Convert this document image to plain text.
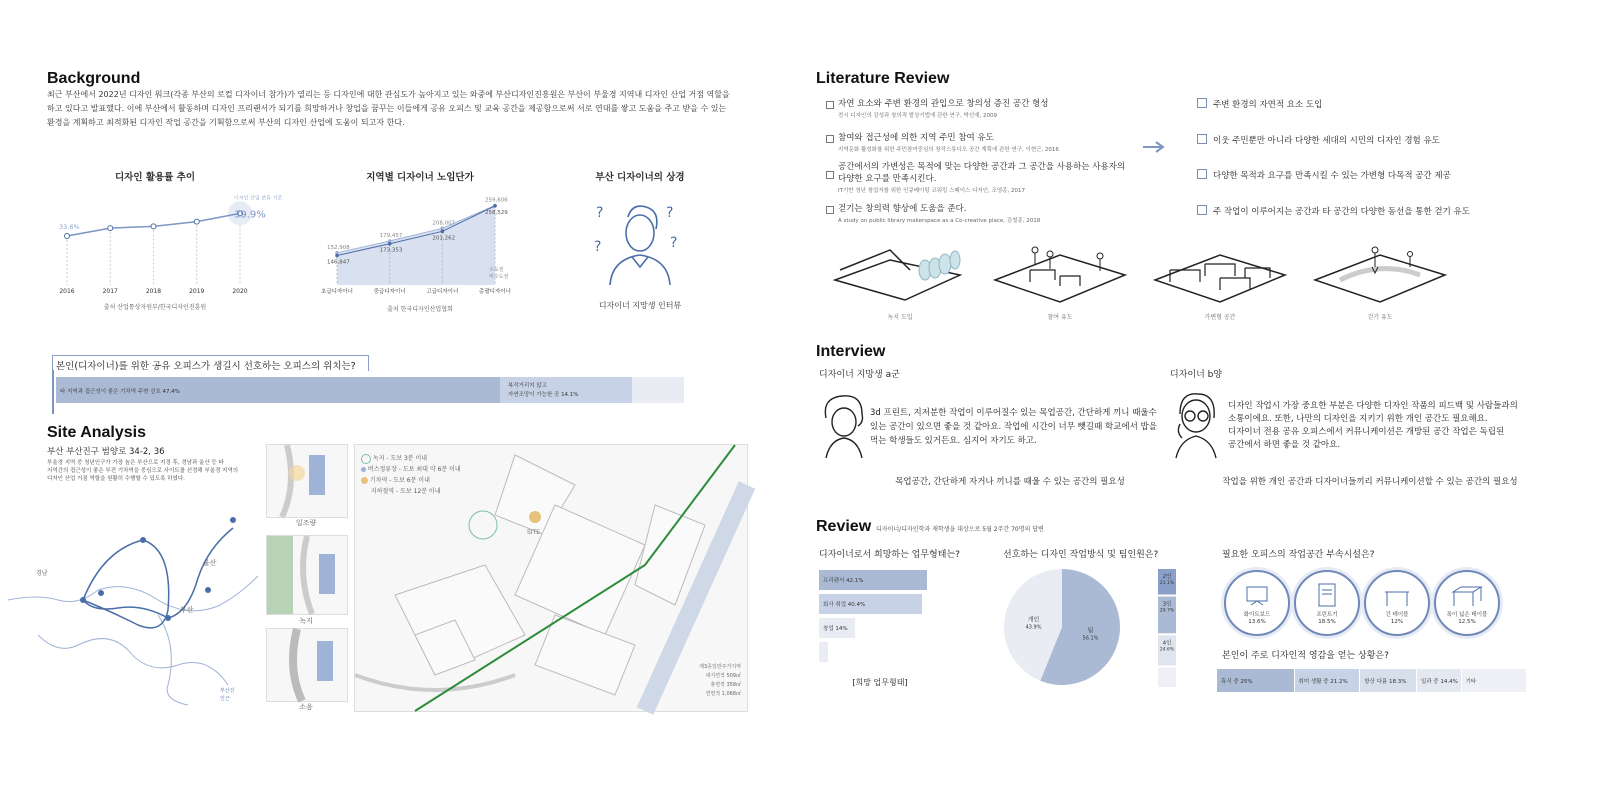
Background
최근 부산에서 2022년 디자인 워크(각종 부산의 로컬 디자이너 참가)가 열리는 등 디자인에 대한 관심도가 높아지고 있는 와중에 부산디자인진흥원은 부산이 부울경 지역내 디자인 산업 거점 역할을
하고 있다고 발표했다. 이에 부산에서 활동하며 디자인 프리랜서가 되기를 희망하거나 창업을 꿈꾸는 이들에게 공유 오피스 및 교육 공간을 제공함으로써 서로 연대를 쌓고 도움을 주고 받을 수 있는
환경을 계획하고 최적화된 디자인 작업 공간을 기획함으로써 부산의 디자인 산업에 도움이 되고자 한다.
디자인 활용률 추이
2016	2017	2018	2019	2020
33.6%
디자인 산업 분류 기준
39.9%
출처 산업통상자원부/한국디자인진흥원
지역별 디자이너 노임단가
152,908
179,457
208,007
259,606
146,847
173,353
201,262
258,529
초급디자이너	중급디자이너	고급디자이너	총괄디자이너
수도권
비수도권
출처 한국디자인산업협회
부산 디자이너의 상경
?	?
?	?
디자이너 지망생 인터뷰
본인(디자이너)를 위한 공유 오피스가 생길시 선호하는 오피스의 위치는?
타 지역과 접근성이 좋은 기차역 주변 선호 47.4%
복작거리지 않고
자연조망이 가능한 곳 14.1%
Site Analysis
부산 부산진구 범양로 34-2, 36
부울경 지역 중 청년인구가 가장 높은 부산으로 지정 후, 경남과 울산 등 타
지역간의 접근성이 좋은 부전 기차역을 중심으로 사이트를 선정해 부울경 지역의
디자인 산업 거점 역할을 원활히 수행할 수 있도록 하였다.
울산
부산
경남
부산진
인근
일조량
녹지
소음
SITE
녹지 - 도보 3분 이내
버스정류장 - 도보 최대 약 6분 이내
기차역 - 도보 6분 이내
지하철역 - 도보 12분 이내
제3종일반주거지역
대지면적 509㎡
총면적 358㎡
연면적 1,068㎡
Literature Review
자연 요소와 주변 환경의 관입으로 창의성 증진 공간 형성
전시 디자인의 감성과 창의적 발상기법에 관한 연구, 박선재, 2009
참여와 접근성에 의한 지역 주민 참여 유도
지역문화 활성화를 위한 주민참여중심의 창작스튜디오 공간 계획에 관한 연구, 이현근, 2016
공간에서의 가변성은 목적에 맞는 다양한 공간과 그 공간을 사용하는 사용자의
다양한 요구를 만족시킨다.
IT기반 청년 창업자를 위한 인큐베이팅 코워킹 스페이스 디자인, 조영종, 2017
걷기는 창의력 향상에 도움을 준다.
A study on public library makerspace as a Co-creative place, 김철종, 2018
주변 환경의 자연적 요소 도입
이웃 주민뿐만 아니라 다양한 세대의 시민의 디자인 경험 유도
다양한 목적과 요구를 만족시킬 수 있는 가변형 다목적 공간 제공
주 작업이 이루어지는 공간과 타 공간의 다양한 동선을 통한 걷기 유도
녹지 도입	참여 유도	가변형 공간	걷기 유도
Interview
디자이너 지망생 a군
3d 프린트, 지저분한 작업이 이루어질수 있는 목업공간, 간단하게 끼니 때울수
있는 공간이 있으면 좋을 것 같아요. 작업에 시간이 너무 뺏길때 학교에서 밥을
먹는 학생들도 있거든요. 심지어 자기도 하고.
목업공간, 간단하게 자거나 끼니를 때울 수 있는 공간의 필요성
디자이너 b양
디자인 작업시 가장 중요한 부분은 다양한 디자인 작품의 피드백 및 사람들과의
소통이에요. 또한, 나만의 디자인을 지키기 위한 개인 공간도 필요해요.
디자이너 전용 공유 오피스에서 커뮤니케이션은 개방된 공간 작업은 독립된
공간에서 하면 좋을 것 같아요.
작업을 위한 개인 공간과 디자이너들끼리 커뮤니케이션할 수 있는 공간의 필요성
Review 디자이너/디자인학과 재학생을 대상으로 5월 2주간 70명의 답변
디자이너로서 희망하는 업무형태는?
프리랜서 42.1%
회사 취업 40.4%
창업 14%
[희망 업무형태]
선호하는 디자인 작업방식 및 팀인원은?
팀
56.1%
개인
43.9%
2인
21.1%
3인
29.7%
4인
24.6%
필요한 오피스의 작업공간 부속시설은?
화이트보드
13.6%
프린트기
18.5%
긴 테이블
12%
폭이 넓은 테이블
12.5%
본인이 주로 디자인적 영감을 얻는 상황은?
휴식 중 25%	취미 생활 중 21.2%	항상 다름 18.3%	일과 중 14.4% 기타
